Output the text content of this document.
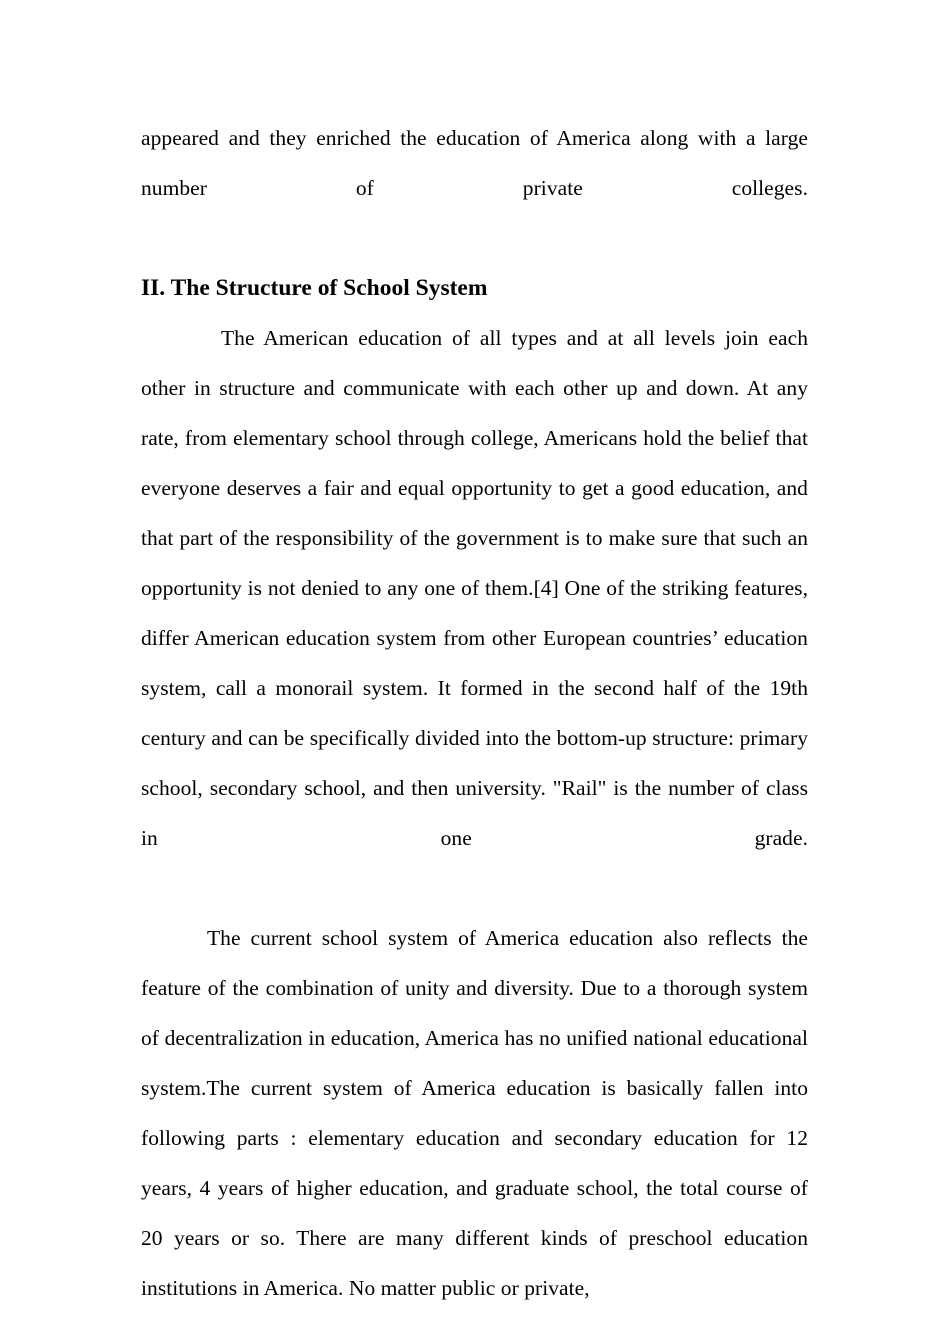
appeared and they enriched the education of America along with a large number of private colleges.

II. The Structure of School System

The American education of all types and at all levels join each other in structure and communicate with each other up and down. At any rate, from elementary school through college, Americans hold the belief that everyone deserves a fair and equal opportunity to get a good education, and that part of the responsibility of the government is to make sure that such an opportunity is not denied to any one of them.[4] One of the striking features, differ American education system from other European countries’ education system, call a monorail system. It formed in the second half of the 19th century and can be specifically divided into the bottom-up structure: primary school, secondary school, and then university. "Rail" is the number of class in one grade.

The current school system of America education also reflects the feature of the combination of unity and diversity. Due to a thorough system of decentralization in education, America has no unified national educational system.The current system of America education is basically fallen into following parts : elementary education and secondary education for 12 years, 4 years of higher education, and graduate school, the total course of 20 years or so. There are many different kinds of preschool education institutions in America. No matter public or private,
